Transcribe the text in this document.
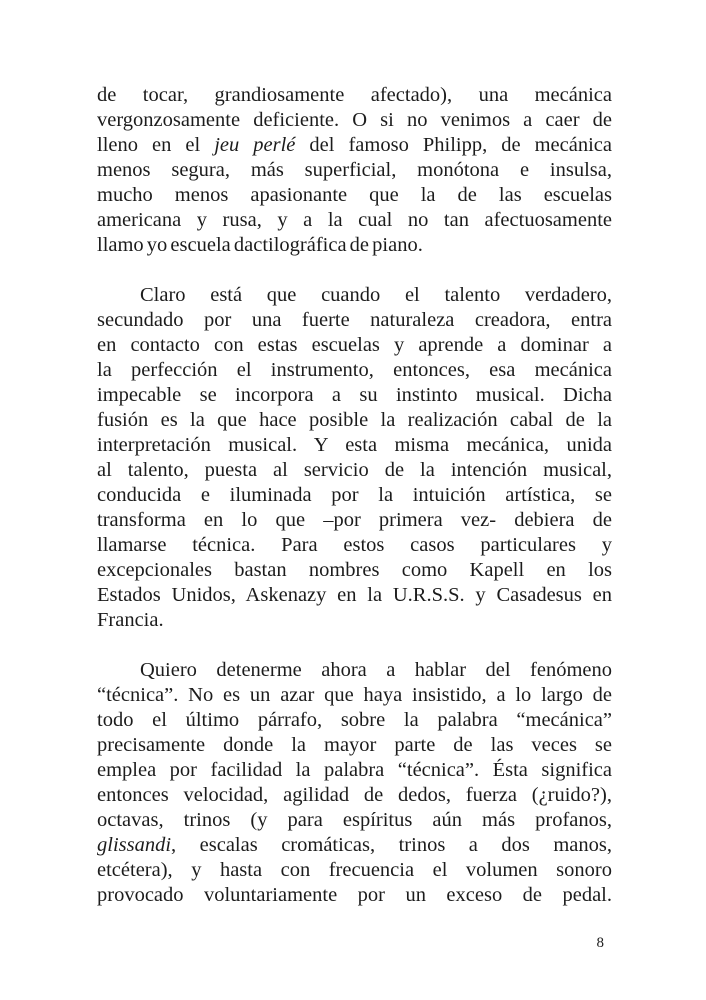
de tocar, grandiosamente afectado), una mecánica
vergonzosamente deficiente. O si no venimos a caer de
lleno en el jeu perlé del famoso Philipp, de mecánica
menos segura, más superficial, monótona e insulsa,
mucho menos apasionante que la de las escuelas
americana y rusa, y a la cual no tan afectuosamente
llamo yo escuela dactilográfica de piano.
Claro está que cuando el talento verdadero,
secundado por una fuerte naturaleza creadora, entra
en contacto con estas escuelas y aprende a dominar a
la perfección el instrumento, entonces, esa mecánica
impecable se incorpora a su instinto musical. Dicha
fusión es la que hace posible la realización cabal de la
interpretación musical. Y esta misma mecánica, unida
al talento, puesta al servicio de la intención musical,
conducida e iluminada por la intuición artística, se
transforma en lo que –por primera vez- debiera de
llamarse técnica. Para estos casos particulares y
excepcionales bastan nombres como Kapell en los
Estados Unidos, Askenazy en la U.R.S.S. y Casadesus en
Francia.
Quiero detenerme ahora a hablar del fenómeno
“técnica”. No es un azar que haya insistido, a lo largo de
todo el último párrafo, sobre la palabra “mecánica”
precisamente donde la mayor parte de las veces se
emplea por facilidad la palabra “técnica”. Ésta significa
entonces velocidad, agilidad de dedos, fuerza (¿ruido?),
octavas, trinos (y para espíritus aún más profanos,
glissandi, escalas cromáticas, trinos a dos manos,
etcétera), y hasta con frecuencia el volumen sonoro
provocado voluntariamente por un exceso de pedal.
8
